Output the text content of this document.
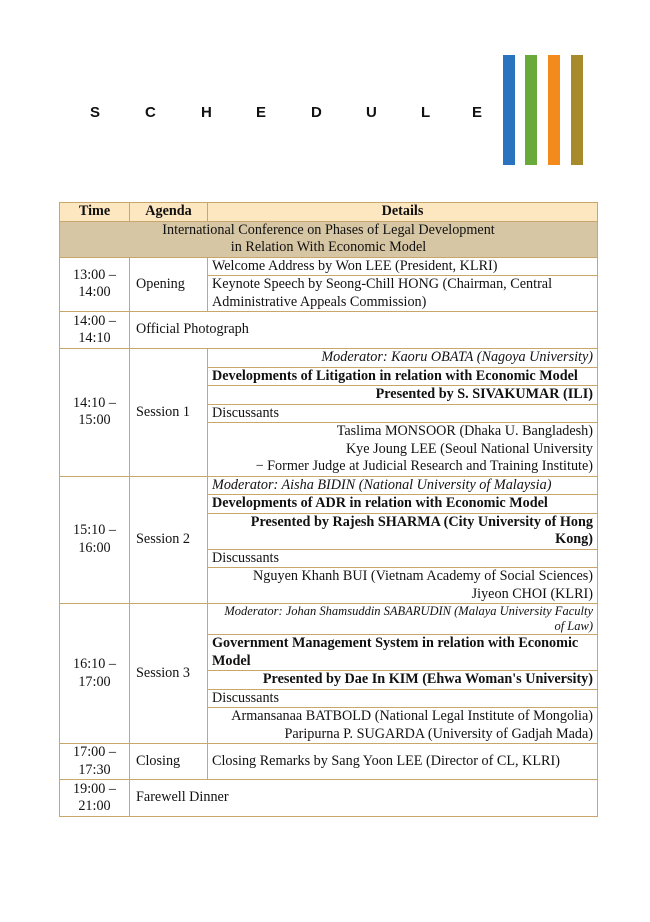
S	C	H	E	D	U	L	E
Time	Agenda	Details

International Conference on Phases of Legal Development
in Relation With Economic Model		

13:00 – 14:00	Opening	Welcome Address by Won LEE (President, KLRI)
		Keynote Speech by Seong-Chill HONG (Chairman, Central Administrative Appeals Commission)
14:00 – 14:10	Official Photograph	
14:10 – 15:00	Session 1	Moderator: Kaoru OBATA (Nagoya University)
		Developments of Litigation in relation with Economic Model
		Presented by S. SIVAKUMAR (ILI)
		Discussants

		Taslima MONSOOR (Dhaka U. Bangladesh)
Kye Joung LEE (Seoul National University
− Former Judge at Judicial Research and Training Institute)

15:10 – 16:00	Session 2	Moderator: Aisha BIDIN (National University of Malaysia)
		Developments of ADR in relation with Economic Model
		Presented by Rajesh SHARMA (City University of Hong Kong)
		Discussants

		Nguyen Khanh BUI (Vietnam Academy of Social Sciences)
Jiyeon CHOI (KLRI)

16:10 – 17:00	Session 3	Moderator: Johan Shamsuddin SABARUDIN (Malaya University Faculty of Law)
		Government Management System in relation with Economic Model
		Presented by Dae In KIM (Ehwa Woman's University)
		Discussants

		Armansanaa BATBOLD (National Legal Institute of Mongolia)
Paripurna P. SUGARDA (University of Gadjah Mada)

17:00 – 17:30	Closing	Closing Remarks by Sang Yoon LEE (Director of CL, KLRI)
19:00 – 21:00	Farewell Dinner	
